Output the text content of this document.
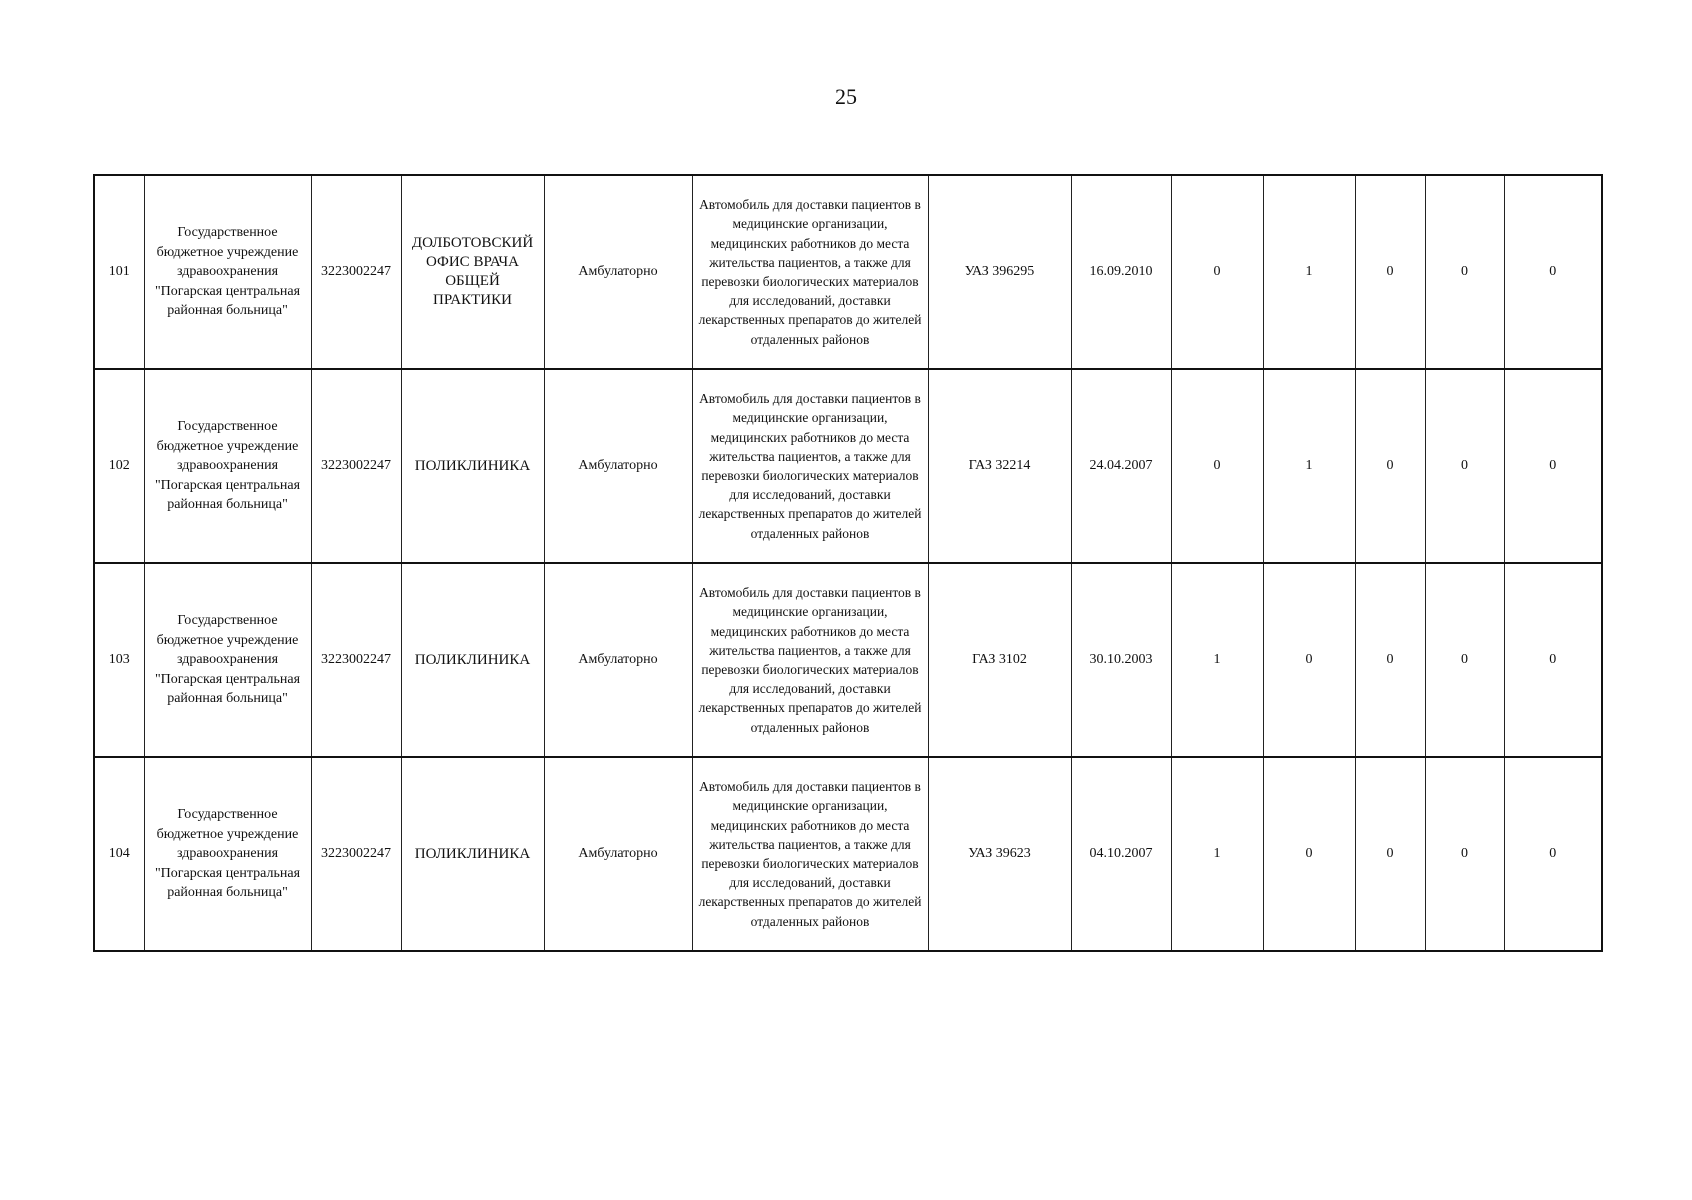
25
101	Государственное бюджетное учреждение здравоохранения "Погарская центральная районная больница"	3223002247	ДОЛБОТОВСКИЙ ОФИС ВРАЧА ОБЩЕЙ ПРАКТИКИ	Амбулаторно	Автомобиль для доставки пациентов в медицинские организации, медицинских работников до места жительства пациентов, а также для перевозки биологических материалов для исследований, доставки лекарственных препаратов до жителей отдаленных районов	УАЗ 396295	16.09.2010	0	1	0	0	0
102	Государственное бюджетное учреждение здравоохранения "Погарская центральная районная больница"	3223002247	ПОЛИКЛИНИКА	Амбулаторно	Автомобиль для доставки пациентов в медицинские организации, медицинских работников до места жительства пациентов, а также для перевозки биологических материалов для исследований, доставки лекарственных препаратов до жителей отдаленных районов	ГАЗ 32214	24.04.2007	0	1	0	0	0
103	Государственное бюджетное учреждение здравоохранения "Погарская центральная районная больница"	3223002247	ПОЛИКЛИНИКА	Амбулаторно	Автомобиль для доставки пациентов в медицинские организации, медицинских работников до места жительства пациентов, а также для перевозки биологических материалов для исследований, доставки лекарственных препаратов до жителей отдаленных районов	ГАЗ 3102	30.10.2003	1	0	0	0	0
104	Государственное бюджетное учреждение здравоохранения "Погарская центральная районная больница"	3223002247	ПОЛИКЛИНИКА	Амбулаторно	Автомобиль для доставки пациентов в медицинские организации, медицинских работников до места жительства пациентов, а также для перевозки биологических материалов для исследований, доставки лекарственных препаратов до жителей отдаленных районов	УАЗ 39623	04.10.2007	1	0	0	0	0
